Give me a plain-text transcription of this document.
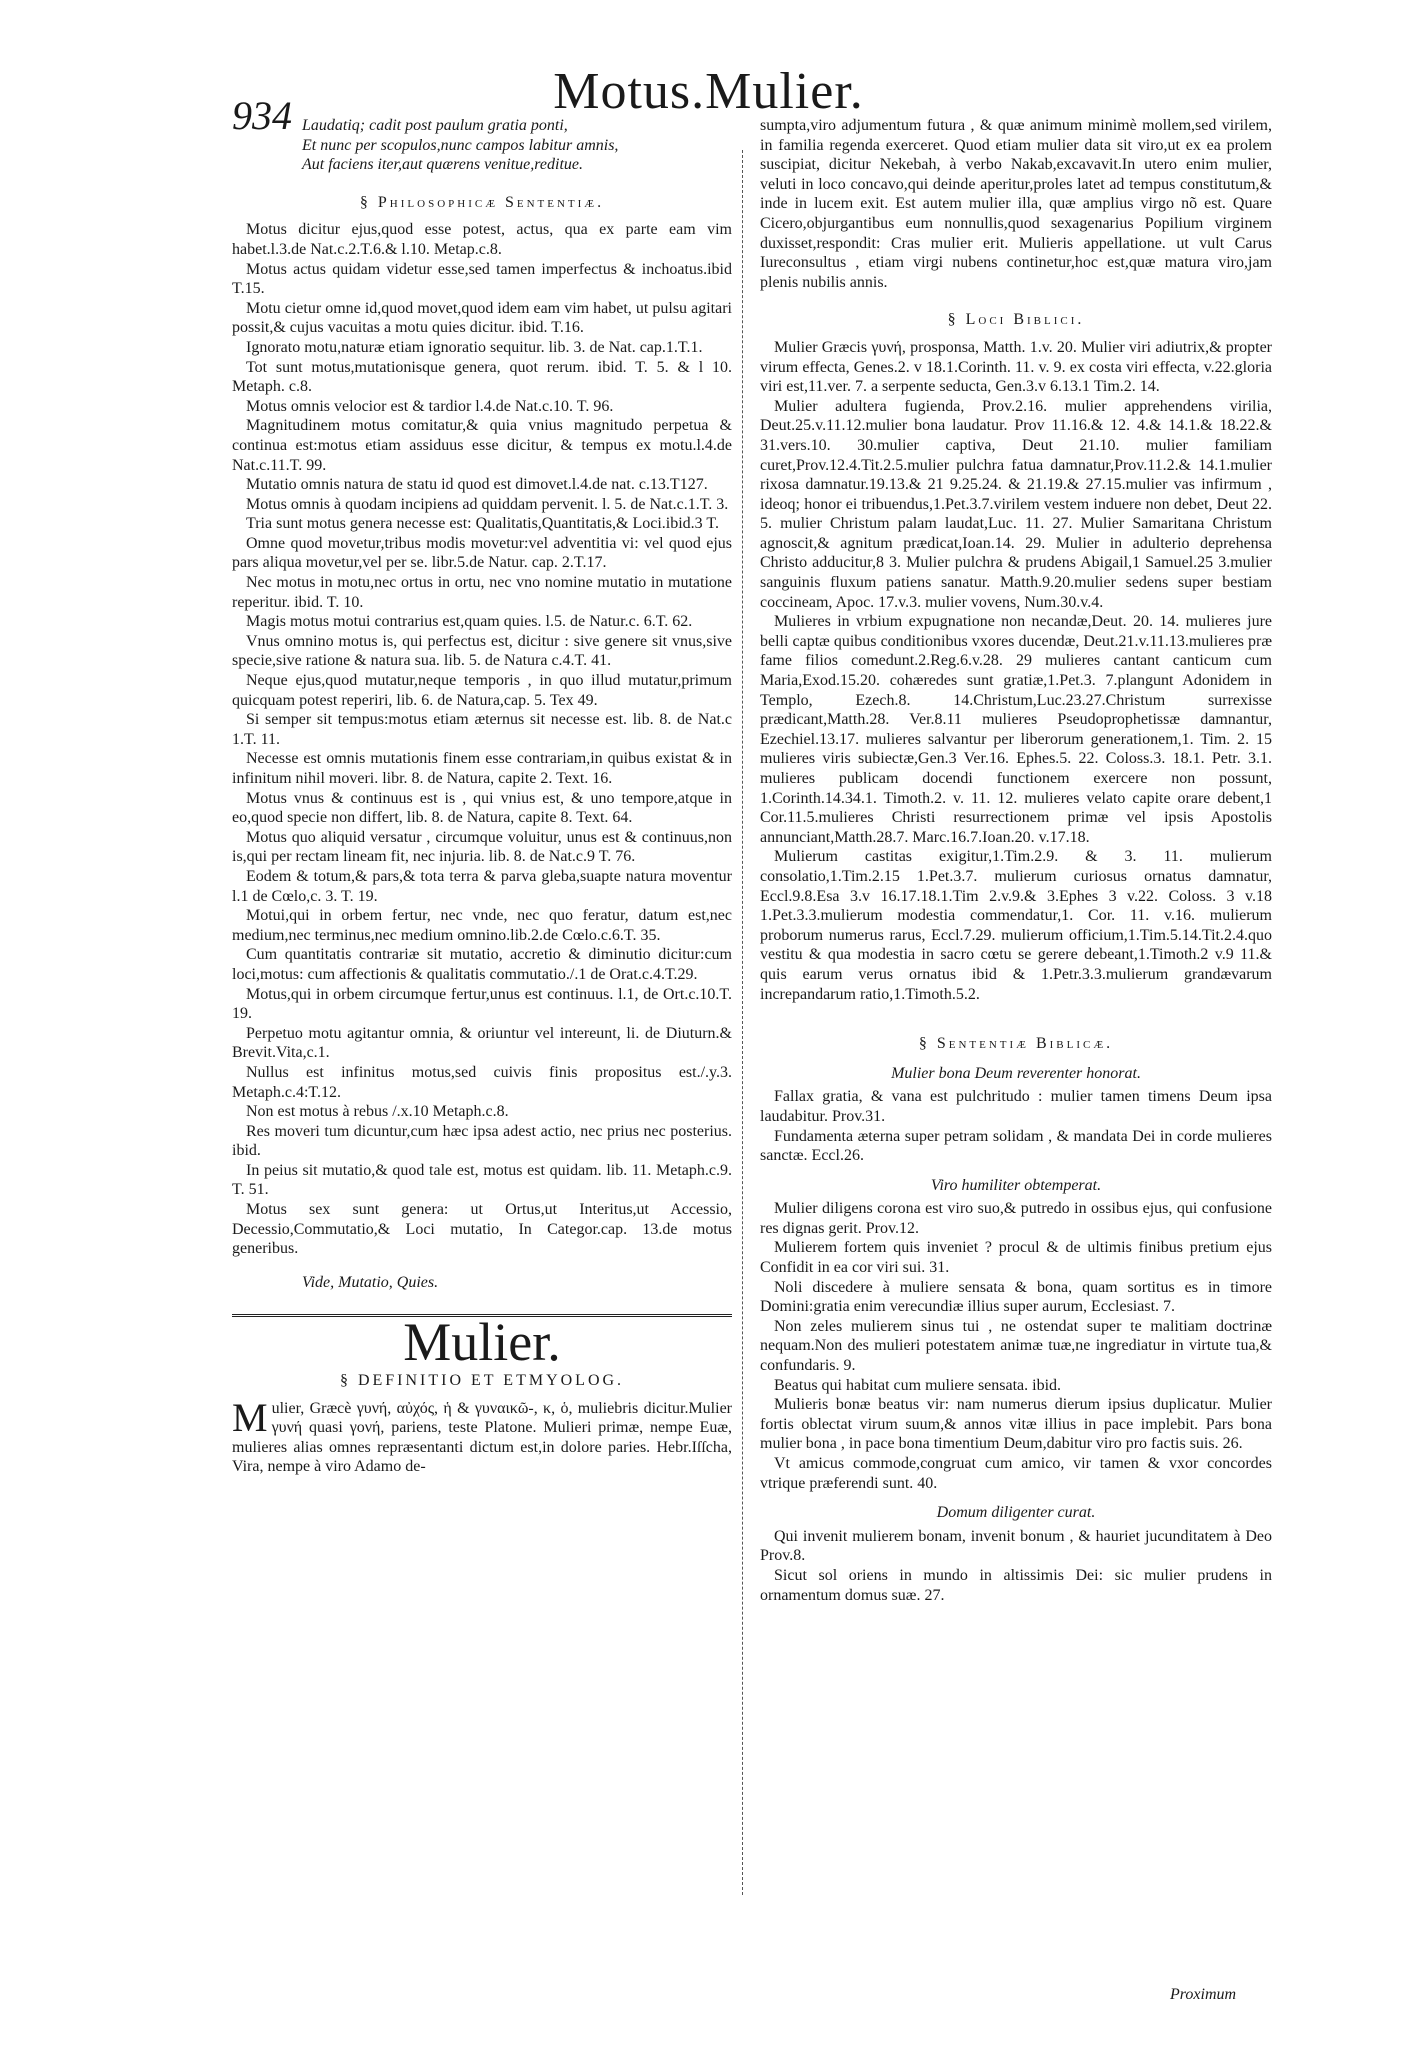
934	Motus.Mulier.

Laudatiq; cadit post paulum gratia ponti,

Et nunc per scopulos,nunc campos labitur amnis,

Aut faciens iter,aut quærens venitue,reditue.

§ Philosophicæ Sententiæ.

Motus dicitur ejus,quod esse potest, actus, qua ex parte eam vim habet.l.3.de Nat.c.2.T.6.& l.10. Metap.c.8.

Motus actus quidam videtur esse,sed tamen imperfectus & inchoatus.ibid T.15.

Motu cietur omne id,quod movet,quod idem eam vim habet, ut pulsu agitari possit,& cujus vacuitas a motu quies dicitur. ibid. T.16.

Ignorato motu,naturæ etiam ignoratio sequitur. lib. 3. de Nat. cap.1.T.1.

Tot sunt motus,mutationisque genera, quot rerum. ibid. T. 5. & l 10. Metaph. c.8.

Motus omnis velocior est & tardior l.4.de Nat.c.10. T. 96.

Magnitudinem motus comitatur,& quia vnius magnitudo perpetua & continua est:motus etiam assiduus esse dicitur, & tempus ex motu.l.4.de Nat.c.11.T. 99.

Mutatio omnis natura de statu id quod est dimovet.l.4.de nat. c.13.T127.

Motus omnis à quodam incipiens ad quiddam pervenit. l. 5. de Nat.c.1.T. 3.

Tria sunt motus genera necesse est: Qualitatis,Quantitatis,& Loci.ibid.3 T.

Omne quod movetur,tribus modis movetur:vel adventitia vi: vel quod ejus pars aliqua movetur,vel per se. libr.5.de Natur. cap. 2.T.17.

Nec motus in motu,nec ortus in ortu, nec vno nomine mutatio in mutatione reperitur. ibid. T. 10.

Magis motus motui contrarius est,quam quies. l.5. de Natur.c. 6.T. 62.

Vnus omnino motus is, qui perfectus est, dicitur : sive genere sit vnus,sive specie,sive ratione & natura sua. lib. 5. de Natura c.4.T. 41.

Neque ejus,quod mutatur,neque temporis , in quo illud mutatur,primum quicquam potest reperiri, lib. 6. de Natura,cap. 5. Tex 49.

Si semper sit tempus:motus etiam æternus sit necesse est. lib. 8. de Nat.c 1.T. 11.

Necesse est omnis mutationis finem esse contrariam,in quibus existat & in infinitum nihil moveri. libr. 8. de Natura, capite 2. Text. 16.

Motus vnus & continuus est is , qui vnius est, & uno tempore,atque in eo,quod specie non differt, lib. 8. de Natura, capite 8. Text. 64.

Motus quo aliquid versatur , circumque voluitur, unus est & continuus,non is,qui per rectam lineam fit, nec injuria. lib. 8. de Nat.c.9 T. 76.

Eodem & totum,& pars,& tota terra & parva gleba,suapte natura moventur l.1 de Cœlo,c. 3. T. 19.

Motui,qui in orbem fertur, nec vnde, nec quo feratur, datum est,nec medium,nec terminus,nec medium omnino.lib.2.de Cœlo.c.6.T. 35.

Cum quantitatis contrariæ sit mutatio, accretio & diminutio dicitur:cum loci,motus: cum affectionis & qualitatis commutatio./.1 de Orat.c.4.T.29.

Motus,qui in orbem circumque fertur,unus est continuus. l.1, de Ort.c.10.T. 19.

Perpetuo motu agitantur omnia, & oriuntur vel intereunt, li. de Diuturn.& Brevit.Vita,c.1.

Nullus est infinitus motus,sed cuivis finis propositus est./.y.3. Metaph.c.4:T.12.

Non est motus à rebus /.x.10 Metaph.c.8.

Res moveri tum dicuntur,cum hæc ipsa adest actio, nec prius nec posterius. ibid.

In peius sit mutatio,& quod tale est, motus est quidam. lib. 11. Metaph.c.9. T. 51.

Motus sex sunt genera: ut Ortus,ut Interitus,ut Accessio, Decessio,Commutatio,& Loci mutatio, In Categor.cap. 13.de motus generibus.

Vide, Mutatio, Quies.
Mulier.
§ DEFINITIO ET ETMYOLOG.

Mulier, Græcè γυνή, αὐχός, ἡ & γυναικῶ-, κ, ὁ, muliebris dicitur.Mulier γυνή quasi γονή, pariens, teste Platone. Mulieri primæ, nempe Euæ, mulieres alias omnes repræsentanti dictum est,in dolore paries. Hebr.Iſſcha, Vira, nempe à viro Adamo de-

sumpta,viro adjumentum futura , & quæ animum minimè mollem,sed virilem, in familia regenda exerceret. Quod etiam mulier data sit viro,ut ex ea prolem suscipiat, dicitur Nekebah, à verbo Nakab,excavavit.In utero enim mulier, veluti in loco concavo,qui deinde aperitur,proles latet ad tempus constitutum,& inde in lucem exit. Est autem mulier illa, quæ amplius virgo nõ est. Quare Cicero,objurgantibus eum nonnullis,quod sexagenarius Popilium virginem duxisset,respondit: Cras mulier erit. Mulieris appellatione. ut vult Carus Iureconsultus , etiam virgi nubens continetur,hoc est,quæ matura viro,jam plenis nubilis annis.

§ Loci Biblici.

Mulier Græcis γυνή, prosponsa, Matth. 1.v. 20. Mulier viri adiutrix,& propter virum effecta, Genes.2. v 18.1.Corinth. 11. v. 9. ex costa viri effecta, v.22.gloria viri est,11.ver. 7. a serpente seducta, Gen.3.v 6.13.1 Tim.2. 14.

Mulier adultera fugienda, Prov.2.16. mulier apprehendens virilia, Deut.25.v.11.12.mulier bona laudatur. Prov 11.16.& 12. 4.& 14.1.& 18.22.& 31.vers.10. 30.mulier captiva, Deut 21.10. mulier familiam curet,Prov.12.4.Tit.2.5.mulier pulchra fatua damnatur,Prov.11.2.& 14.1.mulier rixosa damnatur.19.13.& 21 9.25.24. & 21.19.& 27.15.mulier vas infirmum , ideoq; honor ei tribuendus,1.Pet.3.7.virilem vestem induere non debet, Deut 22. 5. mulier Christum palam laudat,Luc. 11. 27. Mulier Samaritana Christum agnoscit,& agnitum prædicat,Ioan.14. 29. Mulier in adulterio deprehensa Christo adducitur,8 3. Mulier pulchra & prudens Abigail,1 Samuel.25 3.mulier sanguinis fluxum patiens sanatur. Matth.9.20.mulier sedens super bestiam coccineam, Apoc. 17.v.3. mulier vovens, Num.30.v.4.

Mulieres in vrbium expugnatione non necandæ,Deut. 20. 14. mulieres jure belli captæ quibus conditionibus vxores ducendæ, Deut.21.v.11.13.mulieres præ fame filios comedunt.2.Reg.6.v.28. 29 mulieres cantant canticum cum Maria,Exod.15.20. cohæredes sunt gratiæ,1.Pet.3. 7.plangunt Adonidem in Templo, Ezech.8. 14.Christum,Luc.23.27.Christum surrexisse prædicant,Matth.28. Ver.8.11 mulieres Pseudoprophetissæ damnantur, Ezechiel.13.17. mulieres salvantur per liberorum generationem,1. Tim. 2. 15 mulieres viris subiectæ,Gen.3 Ver.16. Ephes.5. 22. Coloss.3. 18.1. Petr. 3.1. mulieres publicam docendi functionem exercere non possunt, 1.Corinth.14.34.1. Timoth.2. v. 11. 12. mulieres velato capite orare debent,1 Cor.11.5.mulieres Christi resurrectionem primæ vel ipsis Apostolis annunciant,Matth.28.7. Marc.16.7.Ioan.20. v.17.18.

Mulierum castitas exigitur,1.Tim.2.9. & 3. 11. mulierum consolatio,1.Tim.2.15 1.Pet.3.7. mulierum curiosus ornatus damnatur, Eccl.9.8.Esa 3.v 16.17.18.1.Tim 2.v.9.& 3.Ephes 3 v.22. Coloss. 3 v.18 1.Pet.3.3.mulierum modestia commendatur,1. Cor. 11. v.16. mulierum proborum numerus rarus, Eccl.7.29. mulierum officium,1.Tim.5.14.Tit.2.4.quo vestitu & qua modestia in sacro cœtu se gerere debeant,1.Timoth.2 v.9 11.& quis earum verus ornatus ibid & 1.Petr.3.3.mulierum grandævarum increpandarum ratio,1.Timoth.5.2.

§ Sententiæ Biblicæ.
Mulier bona Deum reverenter honorat.

Fallax gratia, & vana est pulchritudo : mulier tamen timens Deum ipsa laudabitur. Prov.31.

Fundamenta æterna super petram solidam , & mandata Dei in corde mulieres sanctæ. Eccl.26.

Viro humiliter obtemperat.

Mulier diligens corona est viro suo,& putredo in ossibus ejus, qui confusione res dignas gerit. Prov.12.

Mulierem fortem quis inveniet ? procul & de ultimis finibus pretium ejus Confidit in ea cor viri sui. 31.

Noli discedere à muliere sensata & bona, quam sortitus es in timore Domini:gratia enim verecundiæ illius super aurum, Ecclesiast. 7.

Non zeles mulierem sinus tui , ne ostendat super te malitiam doctrinæ nequam.Non des mulieri potestatem animæ tuæ,ne ingrediatur in virtute tua,& confundaris. 9.

Beatus qui habitat cum muliere sensata. ibid.

Mulieris bonæ beatus vir: nam numerus dierum ipsius duplicatur. Mulier fortis oblectat virum suum,& annos vitæ illius in pace implebit. Pars bona mulier bona , in pace bona timentium Deum,dabitur viro pro factis suis. 26.

Vt amicus commode,congruat cum amico, vir tamen & vxor concordes vtrique præferendi sunt. 40.

Domum diligenter curat.

Qui invenit mulierem bonam, invenit bonum , & hauriet jucunditatem à Deo Prov.8.

Sicut sol oriens in mundo in altissimis Dei: sic mulier prudens in ornamentum domus suæ. 27.

Proximum
